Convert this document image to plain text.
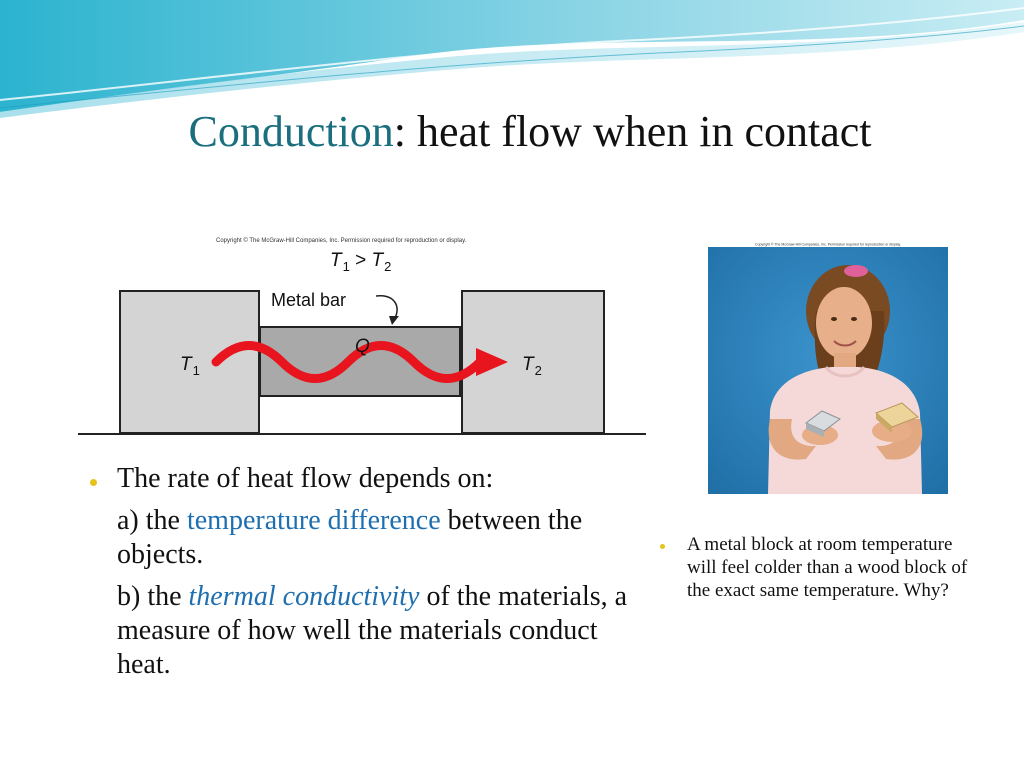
Conduction: heat flow when in contact
Copyright © The McGraw-Hill Companies, Inc. Permission required for reproduction or display.
$T_1 > T_2$
Metal bar
Q
$T_1$	$T_2$
Copyright © The McGraw-Hill Companies, Inc. Permission required for reproduction or display.
The rate of heat flow depends on:
a) the temperature difference between the objects.
b) the thermal conductivity of the materials, a measure of how well the materials conduct heat.
A metal block at room temperature will feel colder than a wood block of the exact same temperature. Why?
